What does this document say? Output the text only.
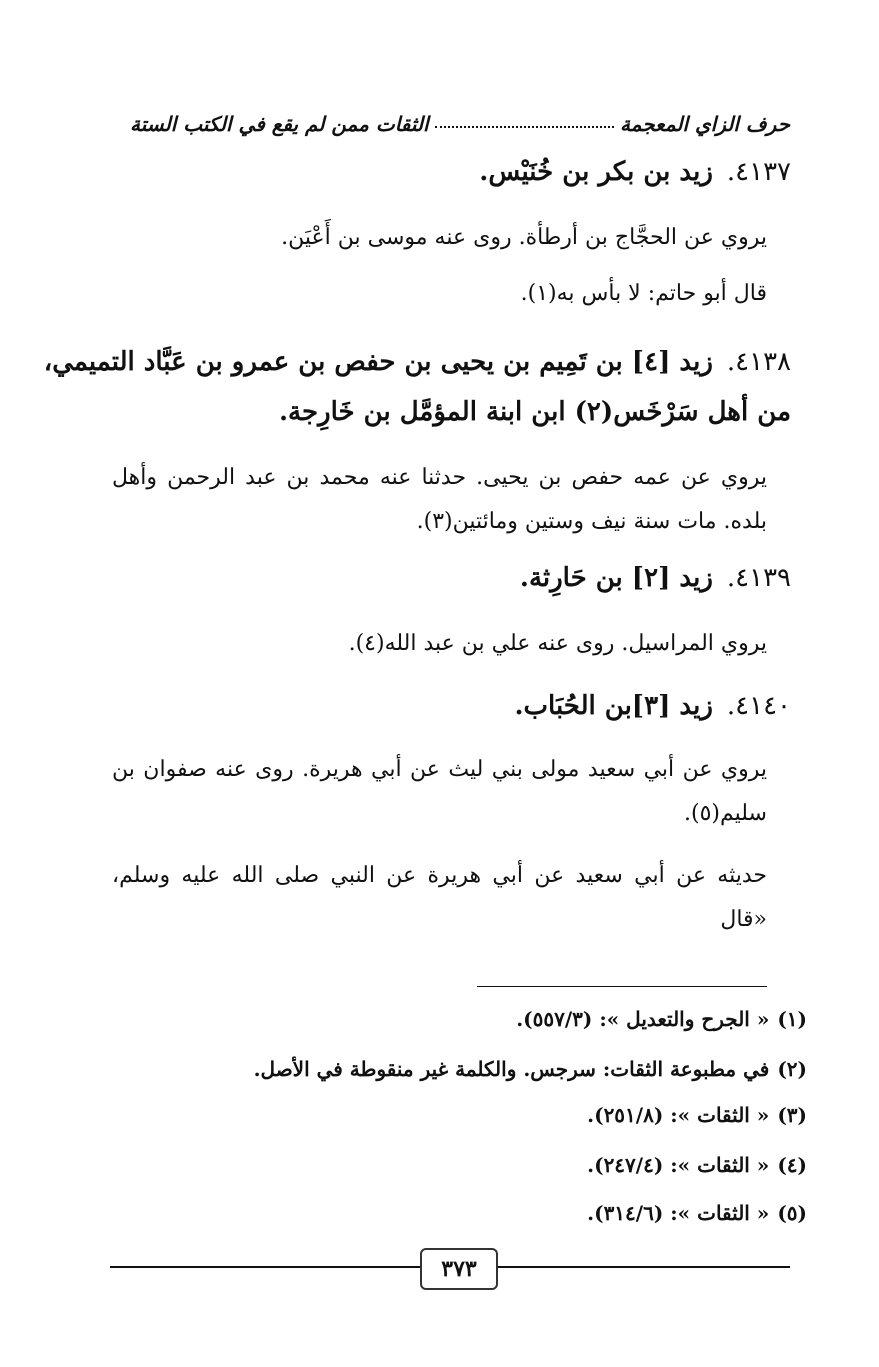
حرف الزاي المعجمة
الثقات ممن لم يقع في الكتب الستة
٤١٣٧.زيد بن بكر بن خُنَيْس.
يروي عن الحجَّاج بن أرطأة. روى عنه موسى بن أَعْيَن.
قال أبو حاتم: لا بأس به(١).
٤١٣٨.زيد [٤] بن تَمِيم بن يحيى بن حفص بن عمرو بن عَبَّاد التميمي،
من أهل سَرْخَس(٢) ابن ابنة المؤمَّل بن خَارِجة.
يروي عن عمه حفص بن يحيى. حدثنا عنه محمد بن عبد الرحمن وأهل بلده. مات سنة نيف وستين ومائتين(٣).
٤١٣٩.زيد [٢] بن حَارِثة.
يروي المراسيل. روى عنه علي بن عبد الله(٤).
٤١٤٠.زيد [٣]بن الحُبَاب.
يروي عن أبي سعيد مولى بني ليث عن أبي هريرة. روى عنه صفوان بن سليم(٥).
حديثه عن أبي سعيد عن أبي هريرة عن النبي صلى الله عليه وسلم، «قال
(١)« الجرح والتعديل »: (٥٥٧/٣).
(٢)في مطبوعة الثقات: سرجس. والكلمة غير منقوطة في الأصل.
(٣)« الثقات »: (٢٥١/٨).
(٤)« الثقات »: (٢٤٧/٤).
(٥)« الثقات »: (٣١٤/٦).
٣٧٣
